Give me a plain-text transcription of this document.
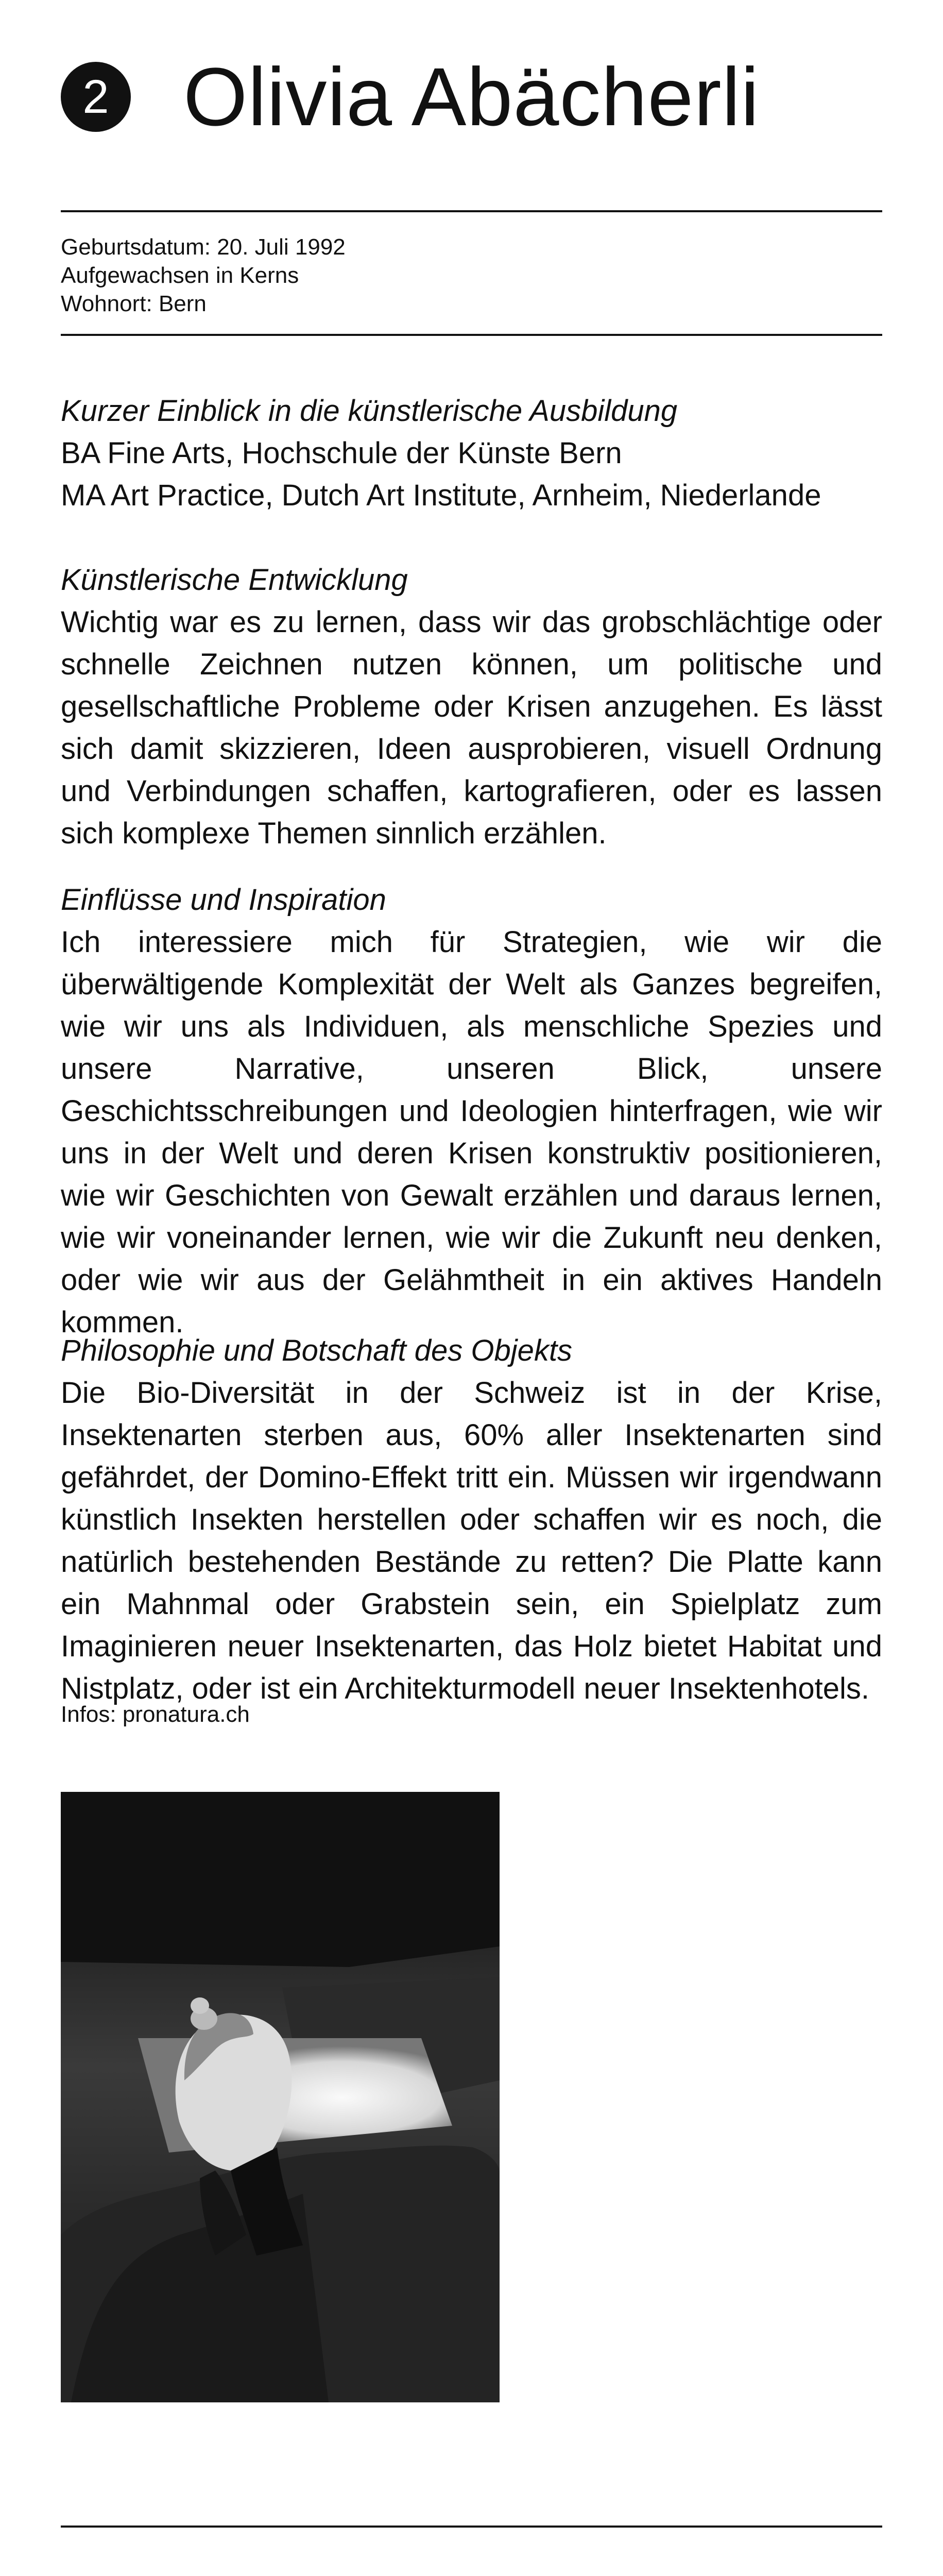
2 Olivia Abächerli
Geburtsdatum: 20. Juli 1992
Aufgewachsen in Kerns
Wohnort: Bern
Kurzer Einblick in die künstlerische Ausbildung
BA Fine Arts, Hochschule der Künste Bern
MA Art Practice, Dutch Art Institute, Arnheim, Niederlande
Künstlerische Entwicklung
Wichtig war es zu lernen, dass wir das grobschlächtige oder schnelle Zeichnen nutzen können, um politische und gesellschaftliche Probleme oder Krisen anzugehen. Es lässt sich damit skizzieren, Ideen ausprobieren, visuell Ordnung und Verbindungen schaffen, kartografieren, oder es lassen sich komplexe Themen sinnlich erzählen.
Einflüsse und Inspiration
Ich interessiere mich für Strategien, wie wir die überwältigende Komplexität der Welt als Ganzes begreifen, wie wir uns als Individuen, als menschliche Spezies und unsere Narrative, unseren Blick, unsere Geschichtsschreibungen und Ideologien hinterfragen, wie wir uns in der Welt und deren Krisen konstruktiv positionieren, wie wir Geschichten von Gewalt erzählen und daraus lernen, wie wir voneinander lernen, wie wir die Zukunft neu denken, oder wie wir aus der Gelähmtheit in ein aktives Handeln kommen.
Philosophie und Botschaft des Objekts
Die Bio-Diversität in der Schweiz ist in der Krise, Insektenarten sterben aus, 60% aller Insektenarten sind gefährdet, der Domino-Effekt tritt ein. Müssen wir irgendwann künstlich Insekten herstellen oder schaffen wir es noch, die natürlich bestehenden Bestände zu retten? Die Platte kann ein Mahnmal oder Grabstein sein, ein Spielplatz zum Imaginieren neuer Insektenarten, das Holz bietet Habitat und Nistplatz, oder ist ein Architekturmodell neuer Insektenhotels.
Infos: pronatura.ch
